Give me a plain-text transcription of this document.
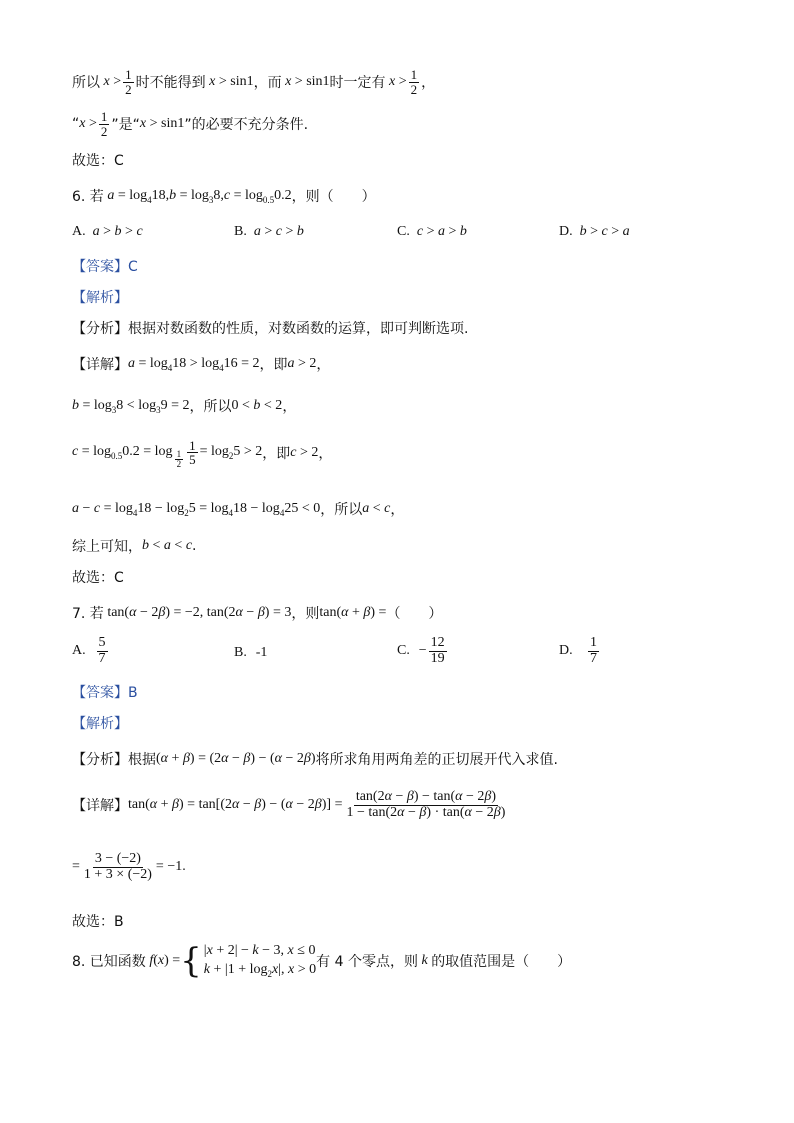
所以 $x > \frac{1}{2}$ 时不能得到 x > sin1 ，而 x > sin1 时一定有 $x > \frac{1}{2}$ ，
“ $x > \frac{1}{2}$ ”是“ x > sin1 ”的必要不充分条件.
故选：C
6. 若 $a = \log_418,b = \log_38,c = \log_{0.5}0.2$ ，则（　　）
A. a > b > c	B. a > c > b	C. c > a > b	D. b > c > a
【答案】C
【解析】
【分析】根据对数函数的性质，对数函数的运算，即可判断选项.
【详解】 $a = \log_418 > \log_416 = 2$ ，即 a > 2 ，
$b = \log_38 < \log_39 = 2$ ，所以 0 < b < 2 ，
$c = \log_{0.5}0.2 = \log \frac{1}{2} \frac{1}{5} = \log_25 > 2$ ，即 c > 2 ，
$a - c = \log_418 - \log_25 = \log_418 - \log_425 < 0$ ，所以 a < c ，
综上可知， b < a < c .
故选：C
7. 若 tan(α − 2β) = −2, tan(2α − β) = 3 ，则 tan(α + β) = （　　）
A.
$\frac{5}{7}$	B.
-1	C.
− $\frac{12}{19}$	D.
$\frac{1}{7}$
【答案】B
【解析】
【分析】根据 (α + β) = (2α − β) − (α − 2β) 将所求角用两角差的正切展开代入求值.
【详解】 $\tan(\alpha + \beta) = \tan[(2\alpha - \beta) - (\alpha - 2\beta)] = \frac{\tan(2\alpha - \beta) - \tan(\alpha - 2\beta)}{1 - \tan(2\alpha - \beta) \cdot \tan(\alpha - 2\beta)}$
= $\frac{3 - (-2)}{1 + 3 \times (-2)} = -1$.
故选：B
8. 已知函数 f(x) = { |x + 2| − k − 3, x ≤ 0
$k + |1 + \log_2x|$, x > 0 有 4 个零点，则 k 的取值范围是（　　）
